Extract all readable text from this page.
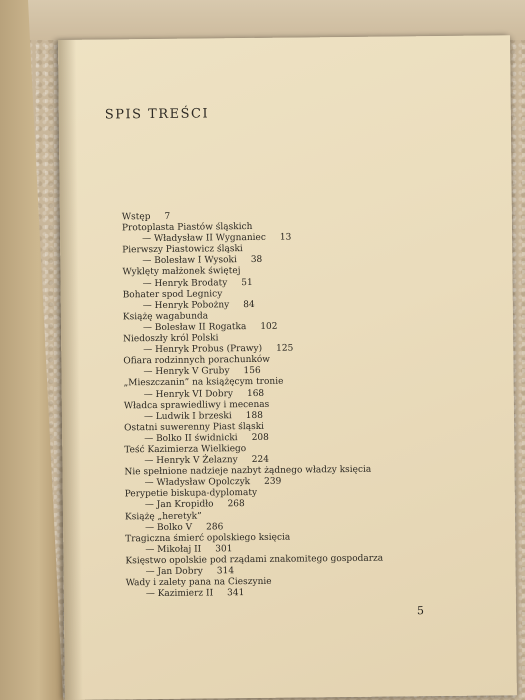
SPIS TREŚCI
Wstęp 7
Protoplasta Piastów śląskich
— Władysław II Wygnaniec 13
Pierwszy Piastowicz śląski
— Bolesław I Wysoki 38
Wyklęty małżonek świętej
— Henryk Brodaty 51
Bohater spod Legnicy
— Henryk Pobożny 84
Książę wagabunda
— Bolesław II Rogatka 102
Niedoszły król Polski
— Henryk Probus (Prawy) 125
Ofiara rodzinnych porachunków
— Henryk V Gruby 156
„Mieszczanin” na książęcym tronie
— Henryk VI Dobry 168
Władca sprawiedliwy i mecenas
— Ludwik I brzeski 188
Ostatni suwerenny Piast śląski
— Bolko II świdnicki 208
Teść Kazimierza Wielkiego
— Henryk V Żelazny 224
Nie spełnione nadzieje nazbyt żądnego władzy księcia
— Władysław Opolczyk 239
Perypetie biskupa-dyplomaty
— Jan Kropidło 268
Książę „heretyk”
— Bolko V 286
Tragiczna śmierć opolskiego księcia
— Mikołaj II 301
Księstwo opolskie pod rządami znakomitego gospodarza
— Jan Dobry 314
Wady i zalety pana na Cieszynie
— Kazimierz II 341
5
